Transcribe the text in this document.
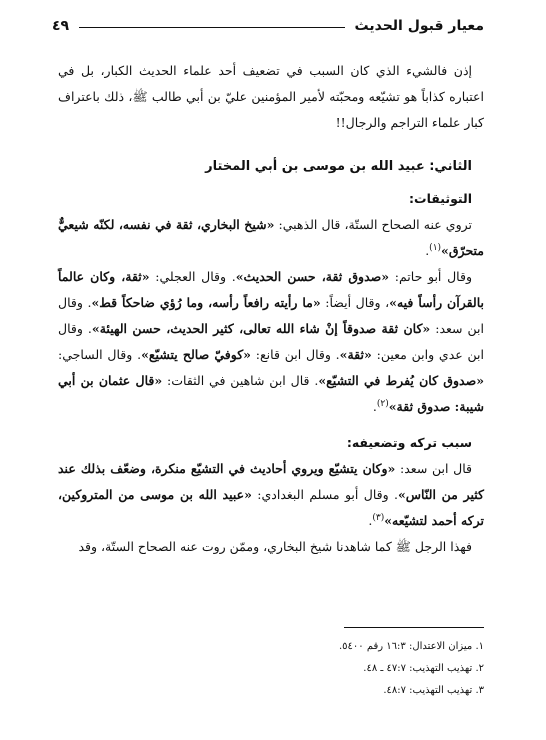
معيار قبول الحديث
٤٩

إذن فالشيء الذي كان السبب في تضعيف أحد علماء الحديث الكبار، بل في اعتباره كذاباً هو تشيّعه ومحبّته لأمير المؤمنين عليّ بن أبي طالب ﷺ، ذلك باعتراف كبار علماء التراجم والرجال!!

الثاني: عبيد الله بن موسى بن أبي المختار

التوثيقات:

تروي عنه الصحاح الستّة، قال الذهبي: «شيخ البخاري، ثقة في نفسه، لكنّه شيعيٌّ متحرّق»$^{(١)}$.

وقال أبو حاتم: «صدوق ثقة، حسن الحديث». وقال العجلي: «ثقة، وكان عالماً بالقرآن رأساً فيه»، وقال أيضاً: «ما رأيته رافعاً رأسه، وما رُؤي ضاحكاً قط». وقال ابن سعد: «كان ثقة صدوقاً إنْ شاء الله تعالى، كثير الحديث، حسن الهيئة». وقال ابن عدي وابن معين: «ثقة». وقال ابن قانع: «كوفيّ صالح يتشيّع». وقال الساجي: «صدوق كان يُفرط في التشيّع». قال ابن شاهين في الثقات: «قال عثمان بن أبي شيبة: صدوق ثقة»$^{(٢)}$.

سبب تركه وتضعيفه:

قال ابن سعد: «وكان يتشيّع ويروي أحاديث في التشيّع منكرة، وضعّف بذلك عند كثير من النّاس». وقال أبو مسلم البغدادي: «عبيد الله بن موسى من المتروكين، تركه أحمد لتشيّعه»$^{(٣)}$.

فهذا الرجل ﷺ كما شاهدنا شيخ البخاري، وممّن روت عنه الصحاح الستّة، وقد

١. ميزان الاعتدال: ١٦:٣ رقم ٥٤٠٠.
٢. تهذيب التهذيب: ٤٧:٧ ـ ٤٨.
٣. تهذيب التهذيب: ٤٨:٧.
